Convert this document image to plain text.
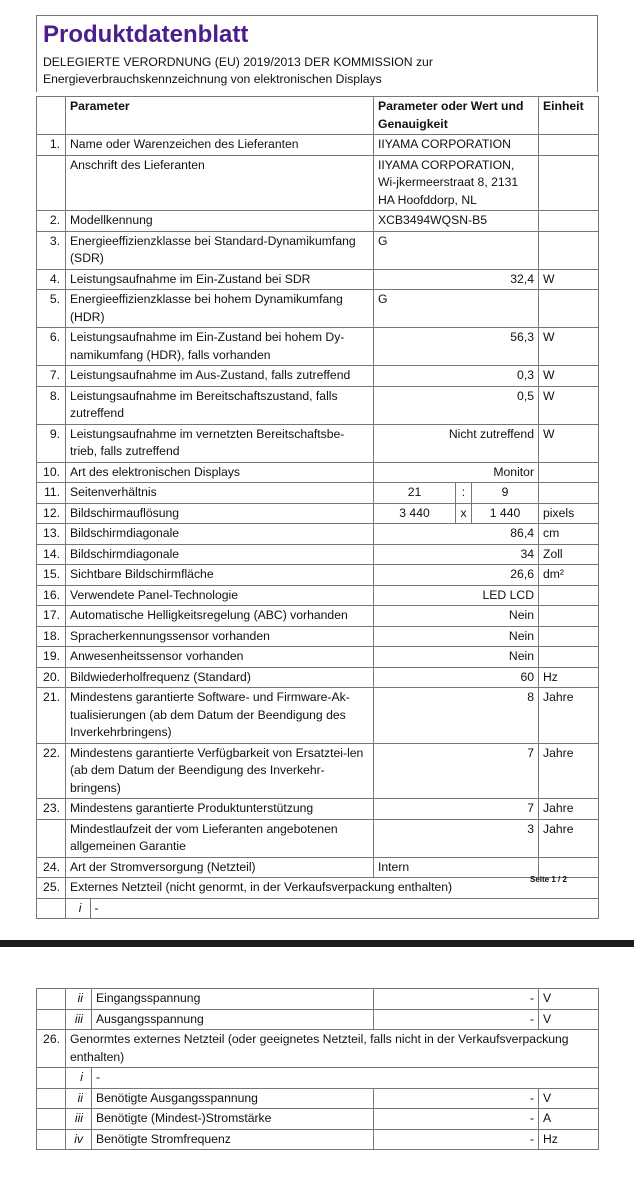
Produktdatenblatt
DELEGIERTE VERORDNUNG (EU) 2019/2013 DER KOMMISSION zur Energieverbrauchskennzeichnung von elektronischen Displays
	Parameter	Parameter oder Wert und Genauigkeit	Einheit
1.	Name oder Warenzeichen des Lieferanten	IIYAMA CORPORATION	
	Anschrift des Lieferanten	IIYAMA CORPORATION, Wi-jkermeerstraat 8, 2131 HA Hoofddorp, NL	
2.	Modellkennung	XCB3494WQSN-B5	
3.	Energieeffizienzklasse bei Standard-Dynamikumfang (SDR)	G	
4.	Leistungsaufnahme im Ein-Zustand bei SDR	32,4	W
5.	Energieeffizienzklasse bei hohem Dynamikumfang (HDR)	G	
6.	Leistungsaufnahme im Ein-Zustand bei hohem Dy-namikumfang (HDR), falls vorhanden	56,3	W
7.	Leistungsaufnahme im Aus-Zustand, falls zutreffend	0,3	W
8.	Leistungsaufnahme im Bereitschaftszustand, falls zutreffend	0,5	W
9.	Leistungsaufnahme im vernetzten Bereitschaftsbe-trieb, falls zutreffend	Nicht zutreffend	W
10.	Art des elektronischen Displays	Monitor	
11.	Seitenverhältnis	21	:	9	
12.	Bildschirmauflösung	3 440	x	1 440	pixels
13.	Bildschirmdiagonale	86,4	cm
14.	Bildschirmdiagonale	34	Zoll
15.	Sichtbare Bildschirmfläche	26,6	dm²
16.	Verwendete Panel-Technologie	LED LCD	
17.	Automatische Helligkeitsregelung (ABC) vorhanden	Nein	
18.	Spracherkennungssensor vorhanden	Nein	
19.	Anwesenheitssensor vorhanden	Nein	
20.	Bildwiederholfrequenz (Standard)	60	Hz
21.	Mindestens garantierte Software- und Firmware-Ak-tualisierungen (ab dem Datum der Beendigung des Inverkehrbringens)	8	Jahre
22.	Mindestens garantierte Verfügbarkeit von Ersatztei-len (ab dem Datum der Beendigung des Inverkehr-bringens)	7	Jahre
23.	Mindestens garantierte Produktunterstützung	7	Jahre
	Mindestlaufzeit der vom Lieferanten angebotenen allgemeinen Garantie	3	Jahre
24.	Art der Stromversorgung (Netzteil)	Intern	
25.	Externes Netzteil (nicht genormt, in der Verkaufsverpackung enthalten)

i	-
Seite 1 / 2
	ii	Eingangsspannung	-	V
	iii	Ausgangsspannung	-	V
26.	Genormtes externes Netzteil (oder geeignetes Netzteil, falls nicht in der Verkaufsverpackung enthalten)			
	i	-		
	ii	Benötigte Ausgangsspannung	-	V
	iii	Benötigte (Mindest-)Stromstärke	-	A
	iv	Benötigte Stromfrequenz	-	Hz
